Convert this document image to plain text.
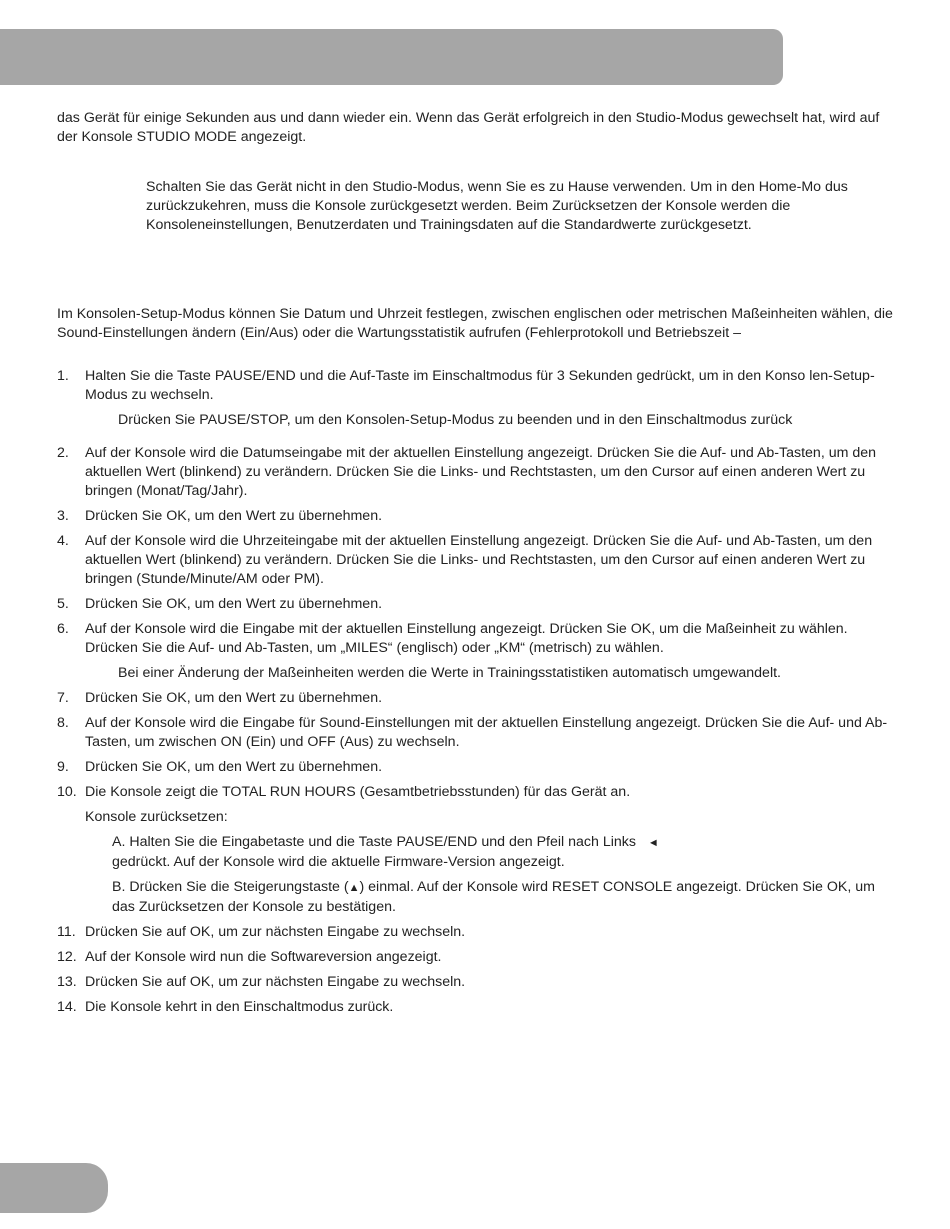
das Gerät für einige Sekunden aus und dann wieder ein. Wenn das Gerät erfolgreich in den Studio-Modus gewechselt hat, wird auf der Konsole STUDIO MODE angezeigt.

Schalten Sie das Gerät nicht in den Studio-Modus, wenn Sie es zu Hause verwenden. Um in den Home-Mo dus zurückzukehren, muss die Konsole zurückgesetzt werden. Beim Zurücksetzen der Konsole werden die Konsoleneinstellungen, Benutzerdaten und Trainingsdaten auf die Standardwerte zurückgesetzt.

Im Konsolen-Setup-Modus können Sie Datum und Uhrzeit festlegen, zwischen englischen oder metrischen Maßeinheiten wählen, die Sound-Einstellungen ändern (Ein/Aus) oder die Wartungsstatistik aufrufen (Fehlerprotokoll und Betriebszeit –

1. Halten Sie die Taste PAUSE/END und die Auf-Taste im Einschaltmodus für 3 Sekunden gedrückt, um in den Konso len-Setup-Modus zu wechseln.
Drücken Sie PAUSE/STOP, um den Konsolen-Setup-Modus zu beenden und in den Einschaltmodus zurück
2. Auf der Konsole wird die Datumseingabe mit der aktuellen Einstellung angezeigt. Drücken Sie die Auf- und Ab-Tasten, um den aktuellen Wert (blinkend) zu verändern. Drücken Sie die Links- und Rechtstasten, um den Cursor auf einen anderen Wert zu bringen (Monat/Tag/Jahr).
3. Drücken Sie OK, um den Wert zu übernehmen.
4. Auf der Konsole wird die Uhrzeiteingabe mit der aktuellen Einstellung angezeigt. Drücken Sie die Auf- und Ab-Tasten, um den aktuellen Wert (blinkend) zu verändern. Drücken Sie die Links- und Rechtstasten, um den Cursor auf einen anderen Wert zu bringen (Stunde/Minute/AM oder PM).
5. Drücken Sie OK, um den Wert zu übernehmen.
6. Auf der Konsole wird die Eingabe mit der aktuellen Einstellung angezeigt. Drücken Sie OK, um die Maßeinheit zu wählen. Drücken Sie die Auf- und Ab-Tasten, um „MILES“ (englisch) oder „KM“ (metrisch) zu wählen.
Bei einer Änderung der Maßeinheiten werden die Werte in Trainingsstatistiken automatisch umgewandelt.
7. Drücken Sie OK, um den Wert zu übernehmen.
8. Auf der Konsole wird die Eingabe für Sound-Einstellungen mit der aktuellen Einstellung angezeigt. Drücken Sie die Auf- und Ab-Tasten, um zwischen ON (Ein) und OFF (Aus) zu wechseln.
9. Drücken Sie OK, um den Wert zu übernehmen.
10. Die Konsole zeigt die TOTAL RUN HOURS (Gesamtbetriebsstunden) für das Gerät an.
Konsole zurücksetzen:
A. Halten Sie die Eingabetaste und die Taste PAUSE/END und den Pfeil nach Links ◄
gedrückt. Auf der Konsole wird die aktuelle Firmware-Version angezeigt.
B. Drücken Sie die Steigerungstaste (▲) einmal. Auf der Konsole wird RESET CONSOLE angezeigt. Drücken Sie OK, um das Zurücksetzen der Konsole zu bestätigen.
11. Drücken Sie auf OK, um zur nächsten Eingabe zu wechseln.
12. Auf der Konsole wird nun die Softwareversion angezeigt.
13. Drücken Sie auf OK, um zur nächsten Eingabe zu wechseln.
14. Die Konsole kehrt in den Einschaltmodus zurück.
